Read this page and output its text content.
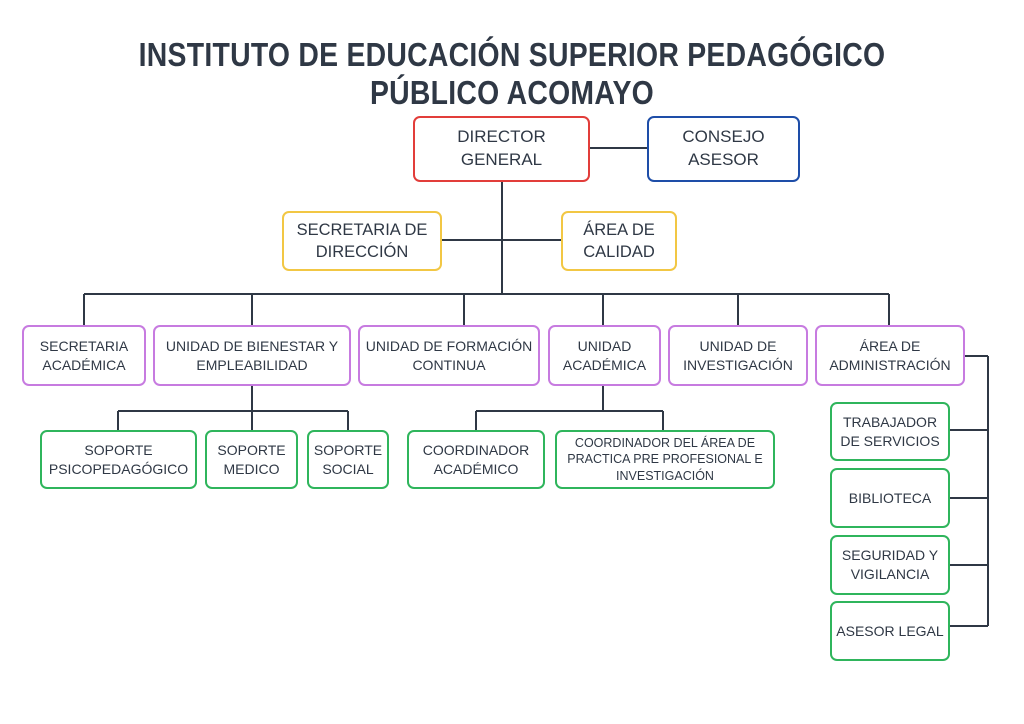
INSTITUTO DE EDUCACIÓN SUPERIOR PEDAGÓGICO PÚBLICO ACOMAYO
DIRECTOR GENERAL
CONSEJO ASESOR
SECRETARIA DE DIRECCIÓN
ÁREA DE CALIDAD
SECRETARIA ACADÉMICA
UNIDAD DE BIENESTAR Y EMPLEABILIDAD
UNIDAD DE FORMACIÓN CONTINUA
UNIDAD ACADÉMICA
UNIDAD DE INVESTIGACIÓN
ÁREA DE ADMINISTRACIÓN
SOPORTE PSICOPEDAGÓGICO
SOPORTE MEDICO
SOPORTE SOCIAL
COORDINADOR ACADÉMICO
COORDINADOR DEL ÁREA DE PRACTICA PRE PROFESIONAL E INVESTIGACIÓN
TRABAJADOR DE SERVICIOS
BIBLIOTECA
SEGURIDAD Y VIGILANCIA
ASESOR LEGAL
